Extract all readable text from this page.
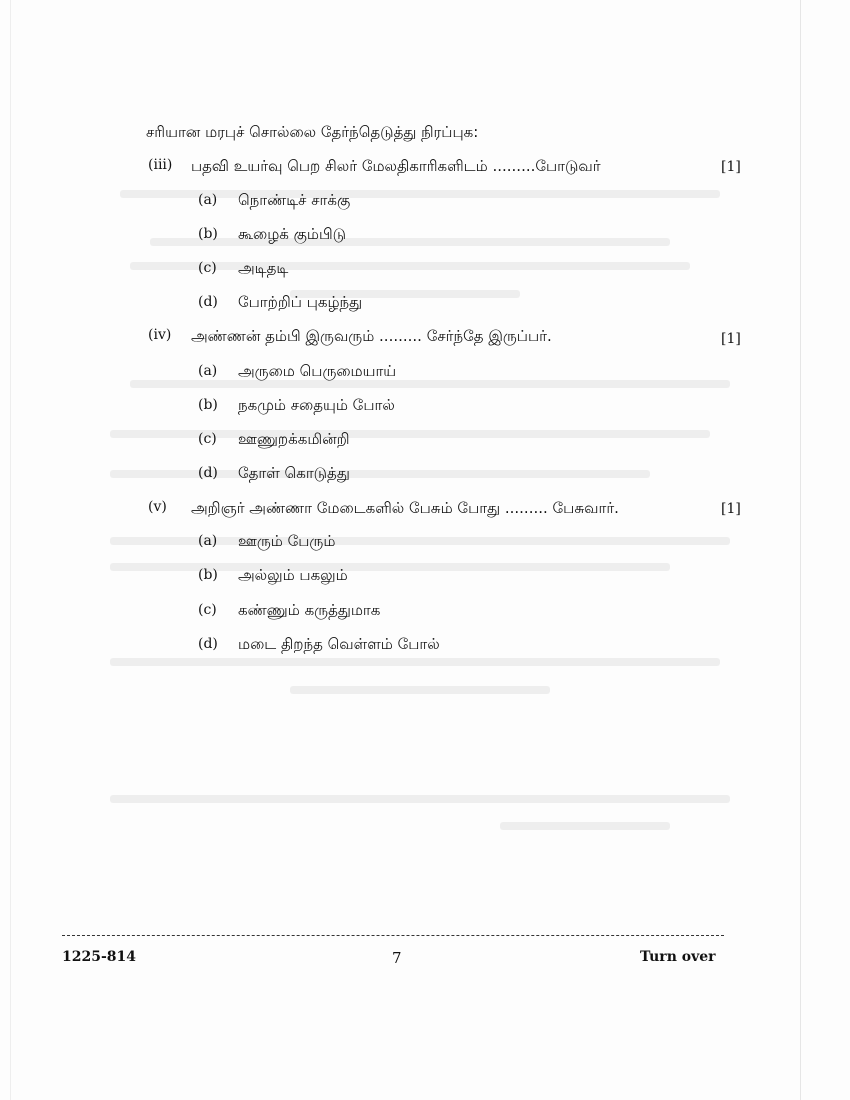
சரியான மரபுச் சொல்லை தேர்ந்தெடுத்து நிரப்புக:
(iii) பதவி உயர்வு பெற சிலர் மேலதிகாரிகளிடம் .........போடுவர்	[1]
(a) நொண்டிச் சாக்கு
(b) கூழைக் கும்பிடு
(c) அடிதடி
(d) போற்றிப் புகழ்ந்து
(iv) அண்ணன் தம்பி இருவரும் ......... சேர்ந்தே இருப்பர்.	[1]
(a) அருமை பெருமையாய்
(b) நகமும் சதையும் போல்
(c) ஊணுறக்கமின்றி
(d) தோள் கொடுத்து
(v) அறிஞர் அண்ணா மேடைகளில் பேசும் போது ......... பேசுவார்.	[1]
(a) ஊரும் பேரும்
(b) அல்லும் பகலும்
(c) கண்ணும் கருத்துமாக
(d) மடை திறந்த வெள்ளம் போல்
1225-814	7	Turn over
